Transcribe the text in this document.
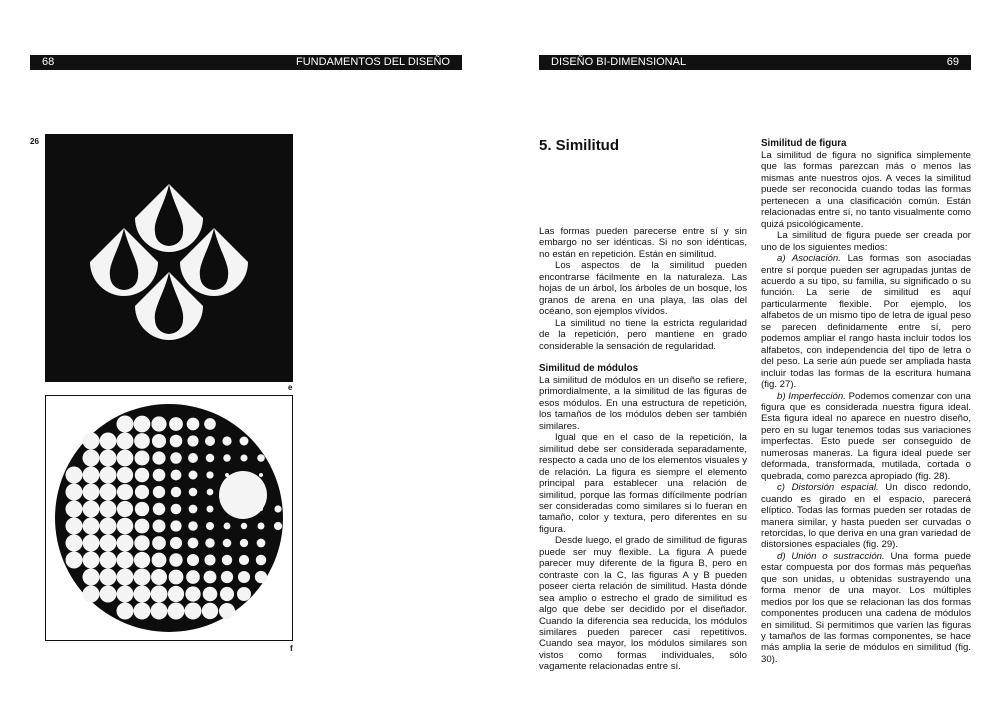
68	FUNDAMENTOS DEL DISEÑO	DISEÑO BI-DIMENSIONAL	69
26
e
f
5. Similitud

Las formas pueden parecerse entre sí y sin embargo no ser idénticas. Si no son idénticas, no están en repetición. Están en similitud.

Los aspectos de la similitud pueden encontrarse fácilmente en la naturaleza. Las hojas de un árbol, los árboles de un bosque, los granos de arena en una playa, las olas del océano, son ejemplos vívidos.

La similitud no tiene la estricta regularidad de la repetición, pero mantiene en grado considerable la sensación de regularidad.

Similitud de módulos

La similitud de módulos en un diseño se refiere, primordialmente, a la similitud de las figuras de esos módulos. En una estructura de repetición, los tamaños de los módulos deben ser también similares.

Igual que en el caso de la repetición, la similitud debe ser considerada separadamente, respecto a cada uno de los elementos visuales y de relación. La figura es siempre el elemento principal para establecer una relación de similitud, porque las formas difícilmente podrían ser consideradas como similares si lo fueran en tamaño, color y textura, pero diferentes en su figura.

Desde luego, el grado de similitud de figuras puede ser muy flexible. La figura A puede parecer muy diferente de la figura B, pero en contraste con la C, las figuras A y B pueden poseer cierta relación de similitud. Hasta dónde sea amplio o estrecho el grado de similitud es algo que debe ser decidido por el diseñador. Cuando la diferencia sea reducida, los módulos similares pueden parecer casi repetitivos. Cuando sea mayor, los módulos similares son vistos como formas individuales, sólo vagamente relacionadas entre sí.

Similitud de figura

La similitud de figura no significa simplemente que las formas parezcan más o menos las mismas ante nuestros ojos. A veces la similitud puede ser reconocida cuando todas las formas pertenecen a una clasificación común. Están relacionadas entre sí, no tanto visualmente como quizá psicológicamente.

La similitud de figura puede ser creada por uno de los siguientes medios:

a) Asociación. Las formas son asociadas entre sí porque pueden ser agrupadas juntas de acuerdo a su tipo, su familia, su significado o su función. La serie de similitud es aquí particularmente flexible. Por ejemplo, los alfabetos de un mismo tipo de letra de igual peso se parecen definidamente entre sí, pero podemos ampliar el rango hasta incluir todos los alfabetos, con independencia del tipo de letra o del peso. La serie aún puede ser ampliada hasta incluir todas las formas de la escritura humana (fig. 27).

b) Imperfección. Podemos comenzar con una figura que es considerada nuestra figura ideal. Esta figura ideal no aparece en nuestro diseño, pero en su lugar tenemos todas sus variaciones imperfectas. Esto puede ser conseguido de numerosas maneras. La figura ideal puede ser deformada, transformada, mutilada, cortada o quebrada, como parezca apropiado (fig. 28).

c) Distorsión espacial. Un disco redondo, cuando es girado en el espacio, parecerá elíptico. Todas las formas pueden ser rotadas de manera similar, y hasta pueden ser curvadas o retorcidas, lo que deriva en una gran variedad de distorsiones espaciales (fig. 29).

d) Unión o sustracción. Una forma puede estar compuesta por dos formas más pequeñas que son unidas, u obtenidas sustrayendo una forma menor de una mayor. Los múltiples medios por los que se relacionan las dos formas componentes producen una cadena de módulos en similitud. Si permitimos que varíen las figuras y tamaños de las formas componentes, se hace más amplia la serie de módulos en similitud (fig. 30).
